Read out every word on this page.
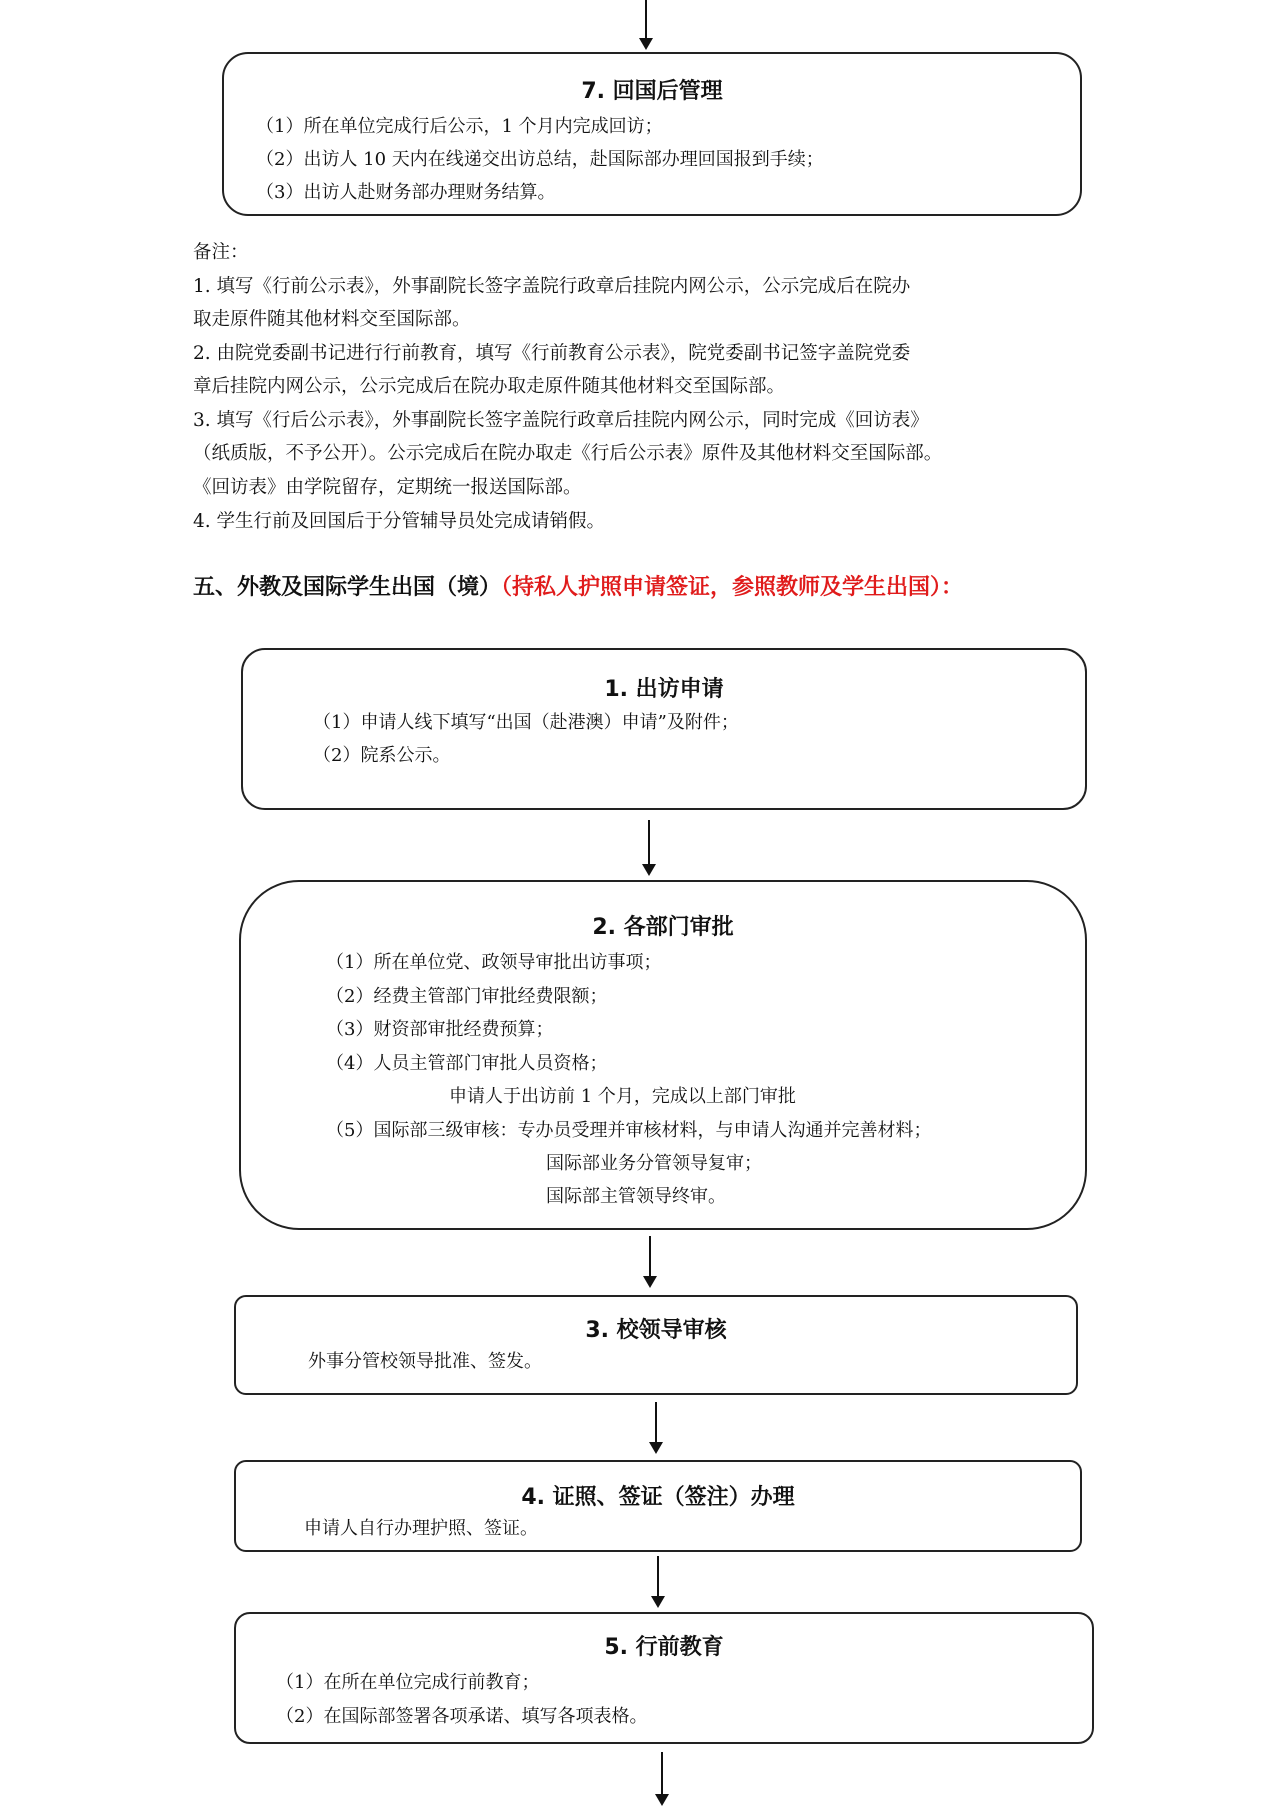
7. 回国后管理
（1）所在单位完成行后公示，1 个月内完成回访；
（2）出访人 10 天内在线递交出访总结，赴国际部办理回国报到手续；
（3）出访人赴财务部办理财务结算。
备注：
1. 填写《行前公示表》，外事副院长签字盖院行政章后挂院内网公示，公示完成后在院办
取走原件随其他材料交至国际部。
2. 由院党委副书记进行行前教育，填写《行前教育公示表》，院党委副书记签字盖院党委
章后挂院内网公示，公示完成后在院办取走原件随其他材料交至国际部。
3. 填写《行后公示表》，外事副院长签字盖院行政章后挂院内网公示，同时完成《回访表》
（纸质版，不予公开）。公示完成后在院办取走《行后公示表》原件及其他材料交至国际部。
《回访表》由学院留存，定期统一报送国际部。
4. 学生行前及回国后于分管辅导员处完成请销假。
五、外教及国际学生出国（境）（持私人护照申请签证，参照教师及学生出国）：
1. 出访申请
（1）申请人线下填写“出国（赴港澳）申请”及附件；
（2）院系公示。
2. 各部门审批
（1）所在单位党、政领导审批出访事项；
（2）经费主管部门审批经费限额；
（3）财资部审批经费预算；
（4）人员主管部门审批人员资格；
申请人于出访前 1 个月，完成以上部门审批
（5）国际部三级审核：专办员受理并审核材料，与申请人沟通并完善材料；
国际部业务分管领导复审；
国际部主管领导终审。
3. 校领导审核
外事分管校领导批准、签发。
4. 证照、签证（签注）办理
申请人自行办理护照、签证。
5. 行前教育
（1）在所在单位完成行前教育；
（2）在国际部签署各项承诺、填写各项表格。
